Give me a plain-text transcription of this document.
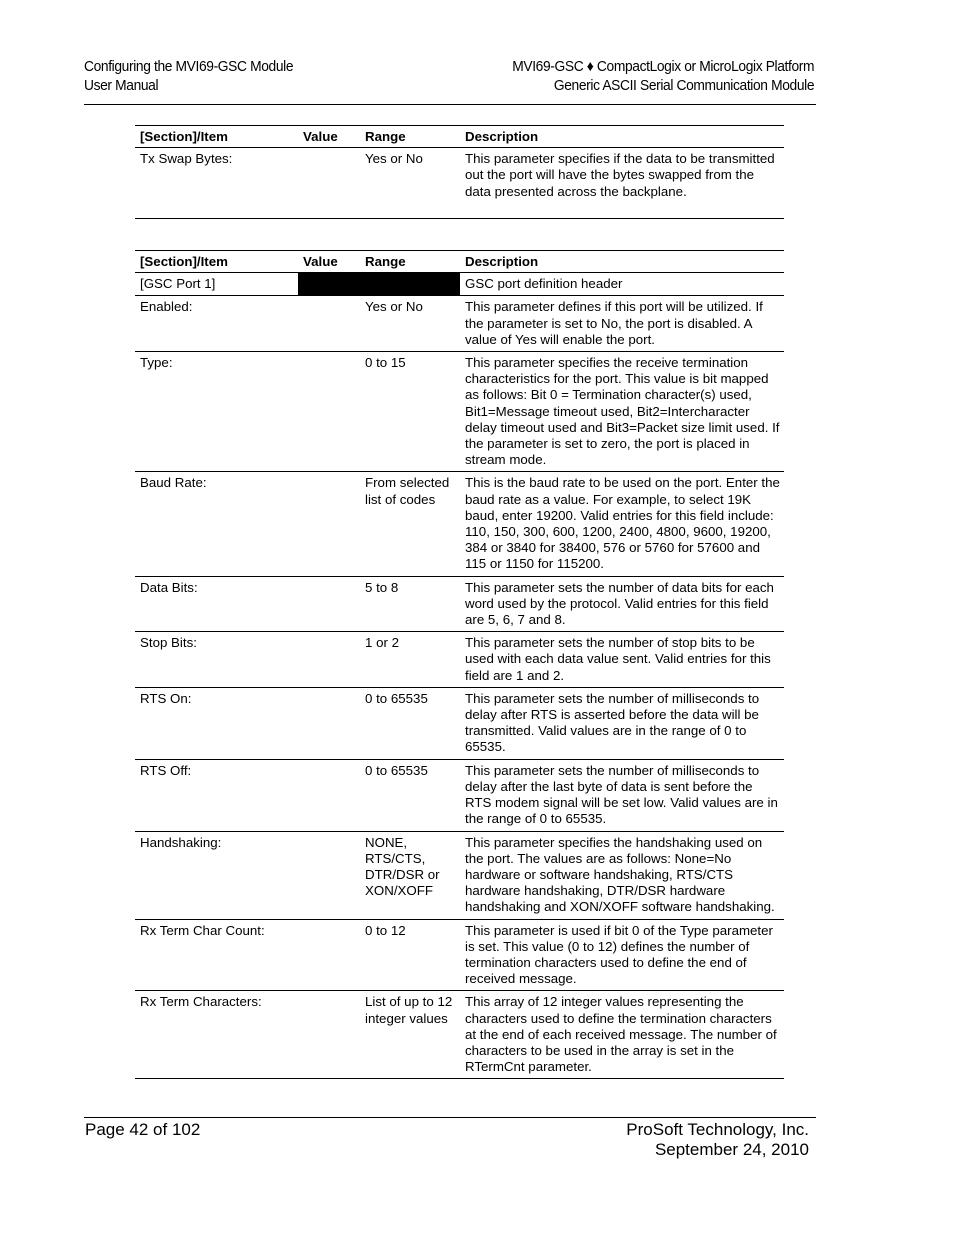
Configuring the MVI69-GSC Module
User Manual
MVI69-GSC ♦ CompactLogix or MicroLogix Platform
Generic ASCII Serial Communication Module
[Section]/Item	Value	Range	Description
Tx Swap Bytes:		Yes or No	This parameter specifies if the data to be transmitted out the port will have the bytes swapped from the data presented across the backplane.
[Section]/Item	Value	Range	Description
[GSC Port 1]			GSC port definition header
Enabled:		Yes or No	This parameter defines if this port will be utilized. If the parameter is set to No, the port is disabled. A value of Yes will enable the port.
Type:		0 to 15	This parameter specifies the receive termination characteristics for the port. This value is bit mapped as follows: Bit 0 = Termination character(s) used, Bit1=Message timeout used, Bit2=Intercharacter delay timeout used and Bit3=Packet size limit used. If the parameter is set to zero, the port is placed in stream mode.
Baud Rate:		From selected list of codes	This is the baud rate to be used on the port. Enter the baud rate as a value. For example, to select 19K baud, enter 19200. Valid entries for this field include: 110, 150, 300, 600, 1200, 2400, 4800, 9600, 19200, 384 or 3840 for 38400, 576 or 5760 for 57600 and 115 or 1150 for 115200.
Data Bits:		5 to 8	This parameter sets the number of data bits for each word used by the protocol. Valid entries for this field are 5, 6, 7 and 8.
Stop Bits:		1 or 2	This parameter sets the number of stop bits to be used with each data value sent. Valid entries for this field are 1 and 2.
RTS On:		0 to 65535	This parameter sets the number of milliseconds to delay after RTS is asserted before the data will be transmitted. Valid values are in the range of 0 to 65535.
RTS Off:		0 to 65535	This parameter sets the number of milliseconds to delay after the last byte of data is sent before the RTS modem signal will be set low. Valid values are in the range of 0 to 65535.
Handshaking:		NONE, RTS/CTS, DTR/DSR or XON/XOFF	This parameter specifies the handshaking used on the port. The values are as follows: None=No hardware or software handshaking, RTS/CTS hardware handshaking, DTR/DSR hardware handshaking and XON/XOFF software handshaking.
Rx Term Char Count:		0 to 12	This parameter is used if bit 0 of the Type parameter is set. This value (0 to 12) defines the number of termination characters used to define the end of received message.
Rx Term Characters:		List of up to 12 integer values	This array of 12 integer values representing the characters used to define the termination characters at the end of each received message. The number of characters to be used in the array is set in the RTermCnt parameter.
Page 42 of 102	ProSoft Technology, Inc.
September 24, 2010
